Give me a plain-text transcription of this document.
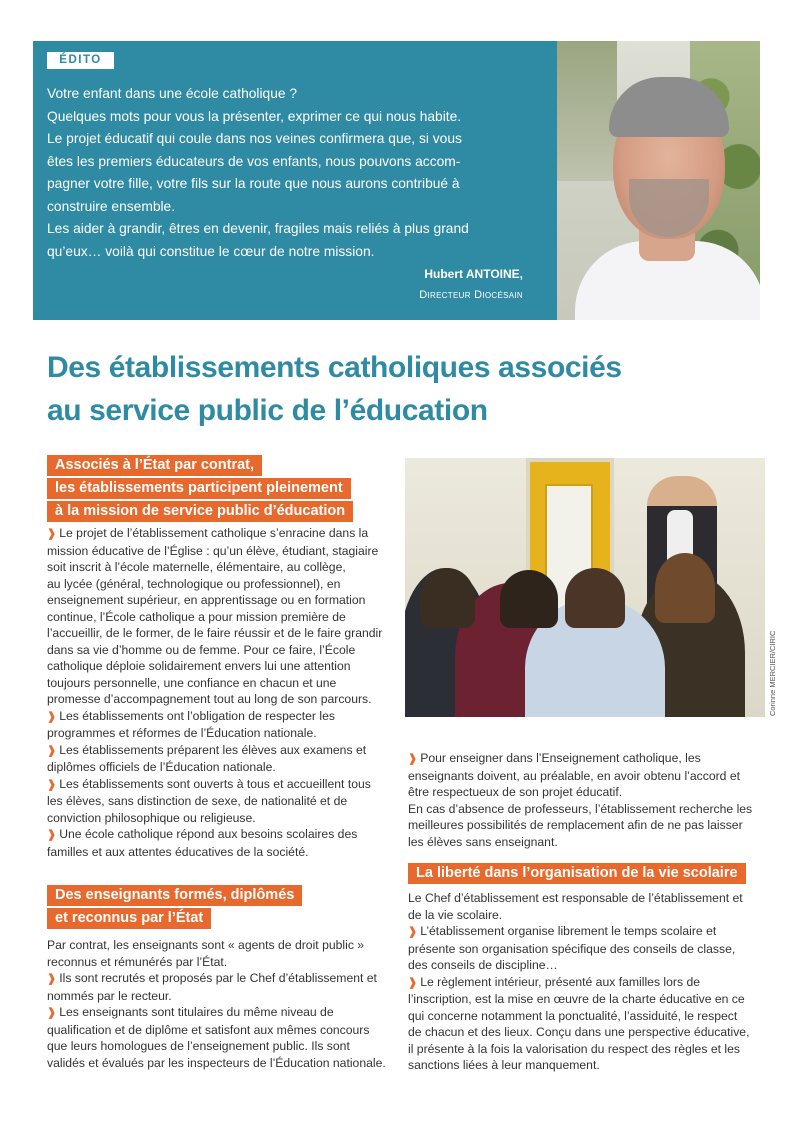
ÉDITO
Votre enfant dans une école catholique ?
Quelques mots pour vous la présenter, exprimer ce qui nous habite.
Le projet éducatif qui coule dans nos veines confirmera que, si vous
êtes les premiers éducateurs de vos enfants, nous pouvons accom-
pagner votre fille, votre fils sur la route que nous aurons contribué à
construire ensemble.
Les aider à grandir, êtres en devenir, fragiles mais reliés à plus grand
qu’eux… voilà qui constitue le cœur de notre mission.
Hubert ANTOINE,
Directeur Diocésain
Des établissements catholiques associés
au service public de l’éducation
Associés à l’État par contrat,
les établissements participent pleinement
à la mission de service public d’éducation
❱ Le projet de l’établissement catholique s’enracine dans la
mission éducative de l’Église : qu’un élève, étudiant, stagiaire
soit inscrit à l’école maternelle, élémentaire, au collège,
au lycée (général, technologique ou professionnel), en
enseignement supérieur, en apprentissage ou en formation
continue, l’École catholique a pour mission première de
l’accueillir, de le former, de le faire réussir et de le faire grandir
dans sa vie d’homme ou de femme. Pour ce faire, l’École
catholique déploie solidairement envers lui une attention
toujours personnelle, une confiance en chacun et une
promesse d’accompagnement tout au long de son parcours.
❱ Les établissements ont l’obligation de respecter les
programmes et réformes de l’Éducation nationale.
❱ Les établissements préparent les élèves aux examens et
diplômes officiels de l’Éducation nationale.
❱ Les établissements sont ouverts à tous et accueillent tous
les élèves, sans distinction de sexe, de nationalité et de
conviction philosophique ou religieuse.
❱ Une école catholique répond aux besoins scolaires des
familles et aux attentes éducatives de la société.
Des enseignants formés, diplômés
et reconnus par l’État
Par contrat, les enseignants sont « agents de droit public »
reconnus et rémunérés par l’État.
❱ Ils sont recrutés et proposés par le Chef d’établissement et
nommés par le recteur.
❱ Les enseignants sont titulaires du même niveau de
qualification et de diplôme et satisfont aux mêmes concours
que leurs homologues de l’enseignement public. Ils sont
validés et évalués par les inspecteurs de l’Éducation nationale.
Corinne MERCIER/CIRIC
❱ Pour enseigner dans l’Enseignement catholique, les
enseignants doivent, au préalable, en avoir obtenu l’accord et
être respectueux de son projet éducatif.
En cas d’absence de professeurs, l’établissement recherche les
meilleures possibilités de remplacement afin de ne pas laisser
les élèves sans enseignant.
La liberté dans l’organisation de la vie scolaire
Le Chef d’établissement est responsable de l’établissement et
de la vie scolaire.
❱ L’établissement organise librement le temps scolaire et
présente son organisation spécifique des conseils de classe,
des conseils de discipline…
❱ Le règlement intérieur, présenté aux familles lors de
l’inscription, est la mise en œuvre de la charte éducative en ce
qui concerne notamment la ponctualité, l’assiduité, le respect
de chacun et des lieux. Conçu dans une perspective éducative,
il présente à la fois la valorisation du respect des règles et les
sanctions liées à leur manquement.
